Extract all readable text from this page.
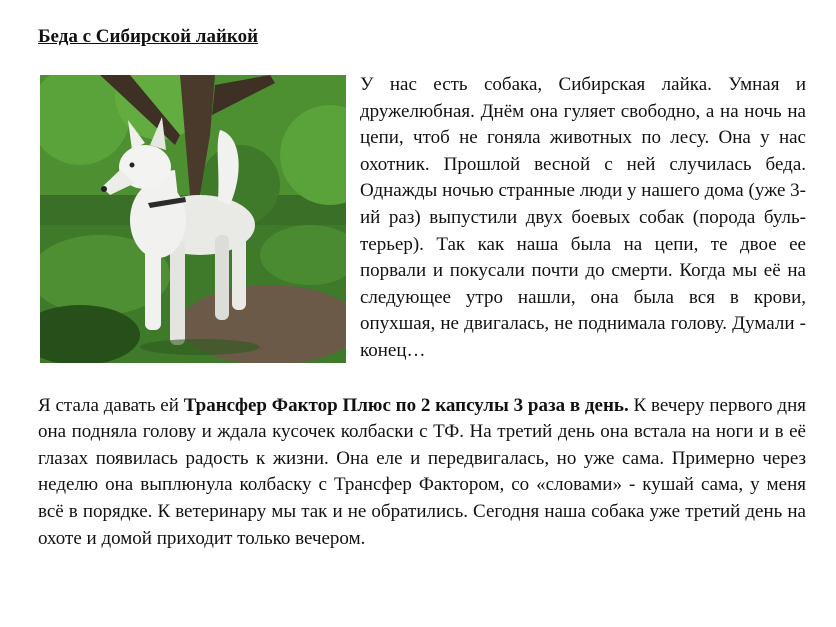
Беда с Сибирской лайкой

У нас есть собака, Сибирская лайка. Умная и дружелюбная. Днём она гуляет свободно, а на ночь на цепи, чтоб не гоняла животных по лесу. Она у нас охотник. Прошлой весной с ней случилась беда. Однажды ночью странные люди у нашего дома (уже 3-ий раз) выпустили двух боевых собак (порода бультерьер). Так как наша была на цепи, те двое ее порвали и покусали почти до смерти. Когда мы её на следующее утро нашли, она была вся в крови, опухшая, не двигалась, не поднимала голову. Думали - конец…

Я стала давать ей Трансфер Фактор Плюс по 2 капсулы 3 раза в день. К вечеру первого дня она подняла голову и ждала кусочек колбаски с ТФ. На третий день она встала на ноги и в её глазах появилась радость к жизни. Она еле и передвигалась, но уже сама. Примерно через неделю она выплюнула колбаску с Трансфер Фактором, со «словами» - кушай сама, у меня всё в порядке. К ветеринару мы так и не обратились. Сегодня наша собака уже третий день на охоте и домой приходит только вечером.
